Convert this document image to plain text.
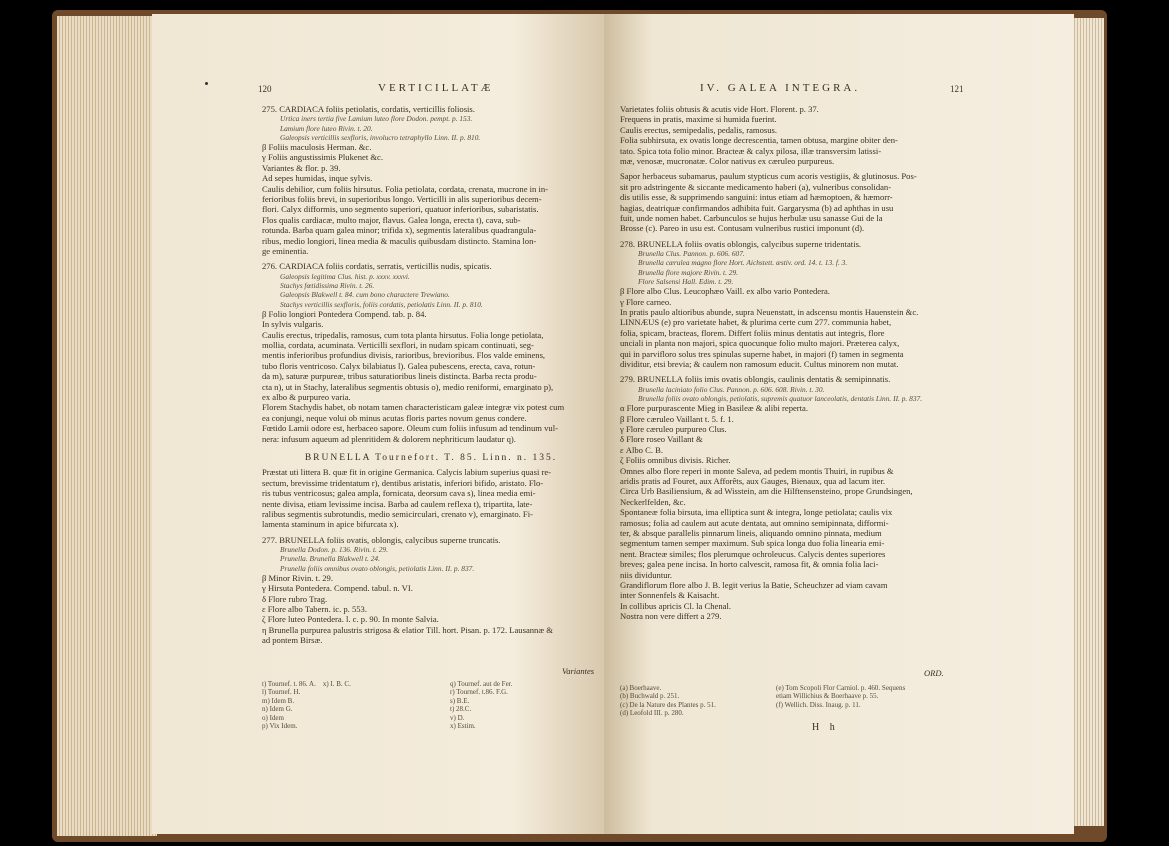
120	VERTICILLATÆ	121
IV. GALEA INTEGRA.

275. CARDIACA foliis petiolatis, cordatis, verticillis foliosis.

Urtica iners tertia five Lamium luteo flore Dodon. pempt. p. 153.

Lamium flore luteo Rivin. t. 20.

Galeopsis verticillis sexfloris, involucro tetraphyllo Linn. II. p. 810.

β Foliis maculosis Herman. &c.

γ Foliis angustissimis Plukenet &c.

Variantes & flor. p. 39.

Ad sepes humidas, inque sylvis.

Caulis debilior, cum foliis hirsutus. Folia petiolata, cordata, crenata, mucrone in in-

ferioribus foliis brevi, in superioribus longo. Verticilli in alis superioribus decem-

flori. Calyx difformis, uno segmento superiori, quatuor inferioribus, subaristatis.

Flos qualis cardiacæ, multo major, flavus. Galea longa, erecta t), cava, sub-

rotunda. Barba quam galea minor; trifida x), segmentis lateralibus quadrangula-

ribus, medio longiori, linea media & maculis quibusdam distincto. Stamina lon-

ge eminentia.

276. CARDIACA foliis cordatis, serratis, verticillis nudis, spicatis.

Galeopsis legitima Clus. hist. p. xxxv. xxxvi.

Stachys fœtidissima Rivin. t. 26.

Galeopsis Blakwell t. 84. cum bono charactere Trewiano.

Stachys verticillis sexfloris, foliis cordatis, petiolatis Linn. II. p. 810.

β Folio longiori Pontedera Compend. tab. p. 84.

In sylvis vulgaris.

Caulis erectus, tripedalis, ramosus, cum tota planta hirsutus. Folia longe petiolata,

mollia, cordata, acuminata. Verticilli sexflori, in nudam spicam continuati, seg-

mentis inferioribus profundius divisis, rarioribus, brevioribus. Flos valde eminens,

tubo floris ventricoso. Calyx bilabiatus l). Galea pubescens, erecta, cava, rotun-

da m), saturæ purpureæ, tribus saturatioribus lineis distincta. Barba recta produ-

cta n), ut in Stachy, lateralibus segmentis obtusis o), medio reniformi, emarginato p),

ex albo & purpureo varia.

Florem Stachydis habet, ob notam tamen characteristicam galeæ integræ vix potest cum

ea conjungi, neque volui ob minus acutas floris partes novum genus condere.

Fœtido Lamii odore est, herbaceo sapore. Oleum cum foliis infusum ad tendinum vul-

nera: infusum aqueum ad plenritidem & dolorem nephriticum laudatur q).

BRUNELLA Tournefort. T. 85. Linn. n. 135.

Præstat uti littera B. quæ fit in origine Germanica. Calycis labium superius quasi re-

sectum, brevissime tridentatum r), dentibus aristatis, inferiori bifido, aristato. Flo-

ris tubus ventricosus; galea ampla, fornicata, deorsum cava s), linea media emi-

nente divisa, etiam levissime incisa. Barba ad caulem reflexa t), tripartita, late-

ralibus segmentis subrotundis, medio semicirculari, crenato v), emarginato. Fi-

lamenta staminum in apice bifurcata x).

277. BRUNELLA foliis ovatis, oblongis, calycibus superne truncatis.

Brunella Dodon. p. 136. Rivin. t. 29.

Prunella. Brunella Blakwell t. 24.

Prunella foliis omnibus ovato oblongis, petiolatis Linn. II. p. 837.

β Minor Rivin. t. 29.

γ Hirsuta Pontedera. Compend. tabul. n. VI.

δ Flore rubro Trag.

ε Flore albo Tabern. ic. p. 553.

ζ Flore luteo Pontedera. l. c. p. 90. In monte Salvia.

η Brunella purpurea palustris strigosa & elatior Till. hort. Pisan. p. 172. Lausannæ &

ad pontem Birsæ.

Varietates foliis obtusis & acutis vide Hort. Florent. p. 37.

Frequens in pratis, maxime si humida fuerint.

Caulis erectus, semipedalis, pedalis, ramosus.

Folia subhirsuta, ex ovatis longe decrescentia, tamen obtusa, margine obiter den-

tato. Spica tota folio minor. Bracteæ & calyx pilosa, illæ transversim latissi-

mæ, venosæ, mucronatæ. Color nativus ex cæruleo purpureus.

Sapor herbaceus subamarus, paulum stypticus cum acoris vestigiis, & glutinosus. Pos-

sit pro adstringente & siccante medicamento haberi (a), vulneribus consolidan-

dis utilis esse, & supprimendo sanguini: intus etiam ad hæmoptoen, & hæmorr-

hagias, deatriquæ confirmandos adhibita fuit. Gargarysma (b) ad aphthas in usu

fuit, unde nomen habet. Carbunculos se hujus herbulæ usu sanasse Gui de la

Brosse (c). Pareo in usu est. Contusam vulneribus rustici imponunt (d).

278. BRUNELLA foliis ovatis oblongis, calycibus superne tridentatis.

Brunella Clus. Pannon. p. 606. 607.

Brunella cærulea magno flore Hort. Aichstett. æstiv. ord. 14. t. 13. f. 3.

Brunella flore majore Rivin. t. 29.

Flore Salsensi Hall. Edim. t. 29.

β Flore albo Clus. Leucophæo Vaill. ex albo vario Pontedera.

γ Flore carneo.

In pratis paulo altioribus abunde, supra Neuenstatt, in adscensu montis Hauenstein &c.

LINNÆUS (e) pro varietate habet, & plurima certe cum 277. communia habet,

folia, spicam, bracteas, florem. Differt foliis minus dentatis aut integris, flore

unciali in planta non majori, spica quocunque folio multo majori. Præterea calyx,

qui in parvifloro solus tres spinulas superne habet, in majori (f) tamen in segmenta

dividitur, etsi brevia; & caulem non ramosum educit. Cultus minorem non mutat.

279. BRUNELLA foliis imis ovatis oblongis, caulinis dentatis & semipinnatis.

Brunella laciniato folio Clus. Pannon. p. 606. 608. Rivin. t. 30.

Brunella foliis ovato oblongis, petiolatis, supremis quatuor lanceolatis, dentatis Linn. II. p. 837.

α Flore purpurascente Mieg in Basileæ & alibi reperta.

β Flore cæruleo Vaillant t. 5. f. 1.

γ Flore cæruleo purpureo Clus.

δ Flore roseo Vaillant &

ε Albo C. B.

ζ Foliis omnibus divisis. Richer.

Omnes albo flore reperi in monte Saleva, ad pedem montis Thuiri, in rupibus &

aridis pratis ad Fouret, aux Afforêts, aux Gauges, Bienaux, qua ad lacum iter.

Circa Urb Basiliensium, & ad Wisstein, am die Hilftensensteino, prope Grundsingen,

Neckerlfelden, &c.

Spontaneæ folia birsuta, ima elliptica sunt & integra, longe petiolata; caulis vix

ramosus; folia ad caulem aut acute dentata, aut omnino semipinnata, difformi-

ter, & absque parallelis pinnarum lineis, aliquando omnino pinnata, medium

segmentum tamen semper maximum. Sub spica longa duo folia linearia emi-

nent. Bracteæ similes; flos plerumque ochroleucus. Calycis dentes superiores

breves; galea pene incisa. In horto calvescit, ramosa fit, & omnia folia laci-

niis dividuntur.

Grandiflorum flore albo J. B. legit verius la Batie, Scheuchzer ad viam cavam

inter Sonnenfels & Kaisacht.

In collibus apricis Cl. la Chenal.

Nostra non vere differt a 279.

Variantes
t) Tournef. t. 86. A.    x) I. B. C.
l) Tournef. H.
m) Idem B.
n) Idem G.
o) Idem
p) Vix Idem.
q) Tournef. aut de Fer.
r) Tournef. t.86. F.G.
s) B.E.
t) 28.C.
v) D.
x) Estim.
ORD.
(a) Boerhaave.
(b) Buchwald p. 251.
(c) De la Nature des Plantes p. 51.
(d) Leofold III. p. 280.
(e) Tom Scopoli Flor Carniol. p. 460. Sequens
etiam Willichius & Boerhaave p. 55.
(f) Wellich. Diss. Inaug. p. 11.
H h
